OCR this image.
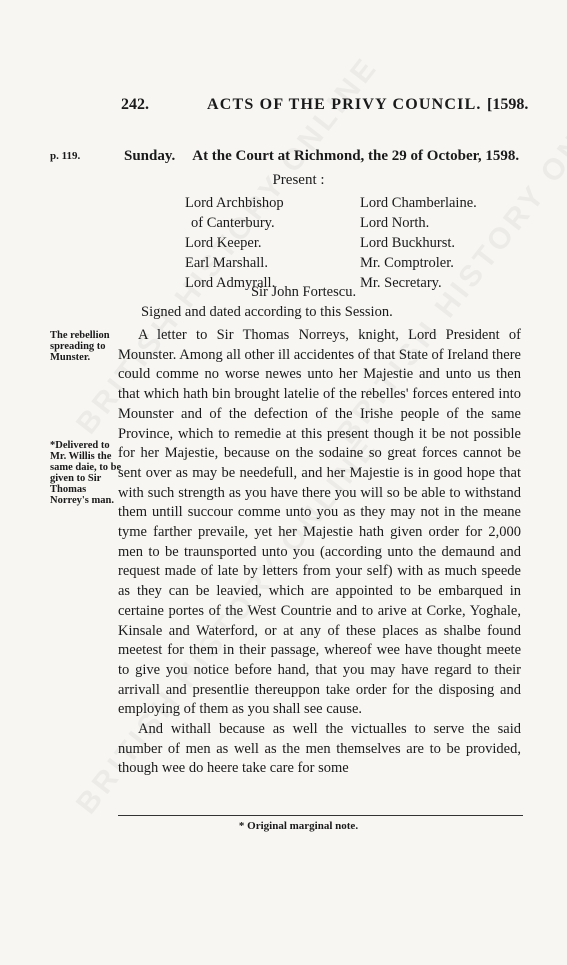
242.	ACTS OF THE PRIVY COUNCIL. [1598.
p. 119.	Sunday. At the Court at Richmond, the 29 of October, 1598.
Present :
Lord Archbishop
of Canterbury.
Lord Keeper.
Earl Marshall.
Lord Admyrall.
Lord Chamberlaine.
Lord North.
Lord Buckhurst.
Mr. Comptroler.
Mr. Secretary.
Sir John Fortescu.
Signed and dated according to this Session.
The rebellion spreading to Munster.
*Delivered to Mr. Willis the same daie, to be given to Sir Thomas Norrey's man.

A letter to Sir Thomas Norreys, knight, Lord President of Mounster. Among all other ill accidentes of that State of Ireland there could comme no worse newes unto her Majestie and unto us then that which hath bin brought latelie of the rebelles' forces entered into Mounster and of the defection of the Irishe people of the same Province, which to remedie at this present though it be not possible for her Majestie, because on the sodaine so great forces cannot be sent over as may be needefull, and her Majestie is in good hope that with such strength as you have there you will so be able to withstand them untill succour comme unto you as they may not in the meane tyme farther prevaile, yet her Majestie hath given order for 2,000 men to be traunsported unto you (according unto the demaund and request made of late by letters from your self) with as much speede as they can be leavied, which are appointed to be embarqued in certaine portes of the West Countrie and to arive at Corke, Yoghale, Kinsale and Waterford, or at any of these places as shalbe found meetest for them in their passage, whereof wee have thought meete to give you notice before hand, that you may have regard to their arrivall and presentlie thereuppon take order for the disposing and employing of them as you shall see cause.

And withall because as well the victualles to serve the said number of men as well as the men themselves are to be provided, though wee do heere take care for some

* Original marginal note.
